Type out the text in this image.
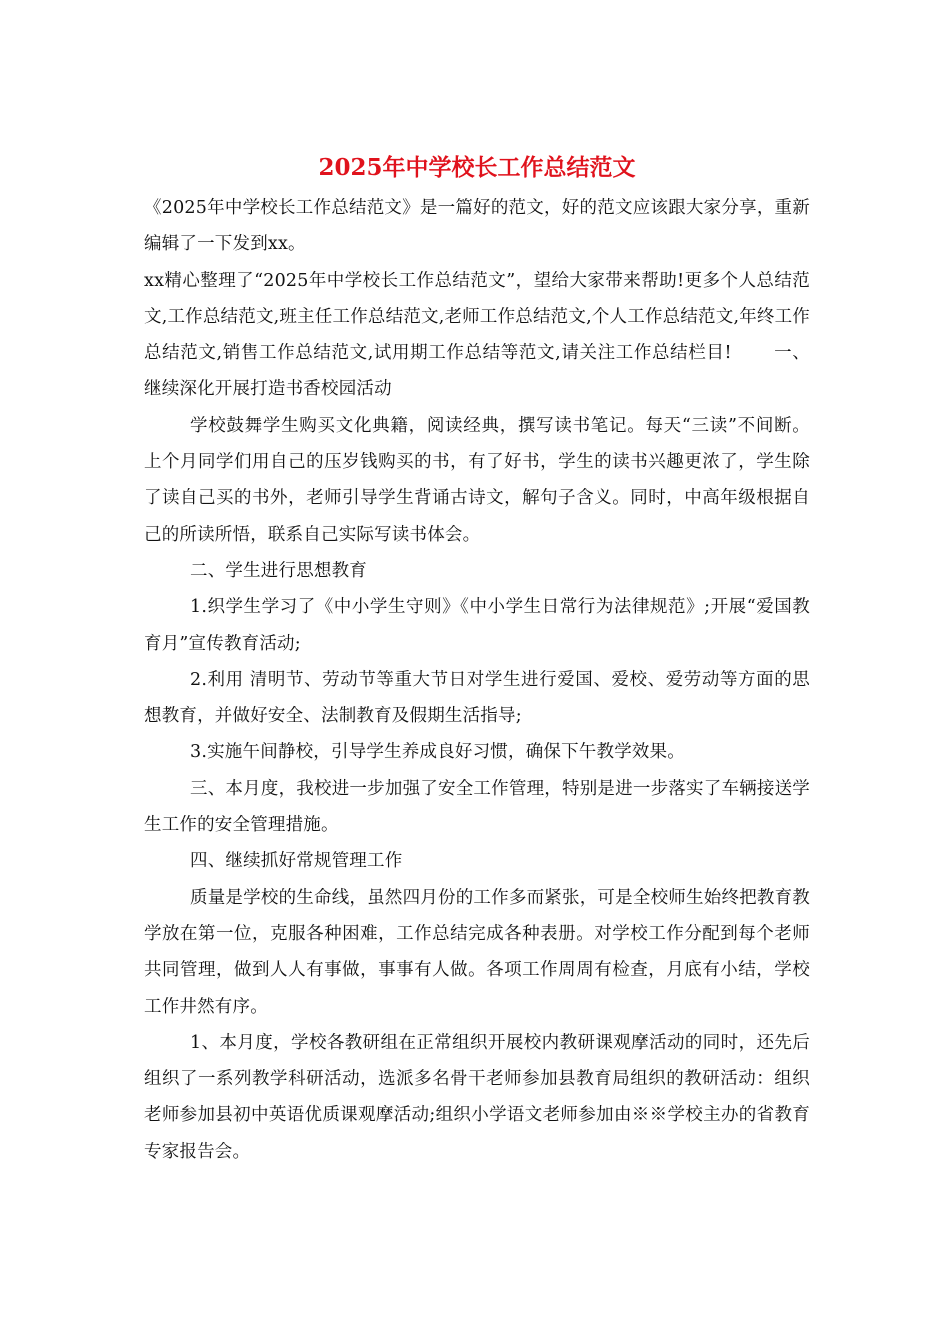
2025年中学校长工作总结范文

《2025年中学校长工作总结范文》是一篇好的范文，好的范文应该跟大家分享，重新编辑了一下发到xx。

xx精心整理了“2025年中学校长工作总结范文”，望给大家带来帮助!更多个人总结范文,工作总结范文,班主任工作总结范文,老师工作总结范文,个人工作总结范文,年终工作总结范文,销售工作总结范文,试用期工作总结等范文,请关注工作总结栏目! 一、继续深化开展打造书香校园活动

学校鼓舞学生购买文化典籍，阅读经典，撰写读书笔记。每天“三读”不间断。上个月同学们用自己的压岁钱购买的书，有了好书，学生的读书兴趣更浓了，学生除了读自己买的书外，老师引导学生背诵古诗文，解句子含义。同时，中高年级根据自己的所读所悟，联系自己实际写读书体会。

二、学生进行思想教育

1.织学生学习了《中小学生守则》《中小学生日常行为法律规范》;开展“爱国教育月”宣传教育活动;

2.利用 清明节、劳动节等重大节日对学生进行爱国、爱校、爱劳动等方面的思想教育，并做好安全、法制教育及假期生活指导;

3.实施午间静校，引导学生养成良好习惯，确保下午教学效果。

三、本月度，我校进一步加强了安全工作管理，特别是进一步落实了车辆接送学生工作的安全管理措施。

四、继续抓好常规管理工作

质量是学校的生命线，虽然四月份的工作多而紧张，可是全校师生始终把教育教学放在第一位，克服各种困难，工作总结完成各种表册。对学校工作分配到每个老师共同管理，做到人人有事做，事事有人做。各项工作周周有检查，月底有小结，学校工作井然有序。

1、本月度，学校各教研组在正常组织开展校内教研课观摩活动的同时，还先后组织了一系列教学科研活动，选派多名骨干老师参加县教育局组织的教研活动：组织老师参加县初中英语优质课观摩活动;组织小学语文老师参加由※※学校主办的省教育专家报告会。
